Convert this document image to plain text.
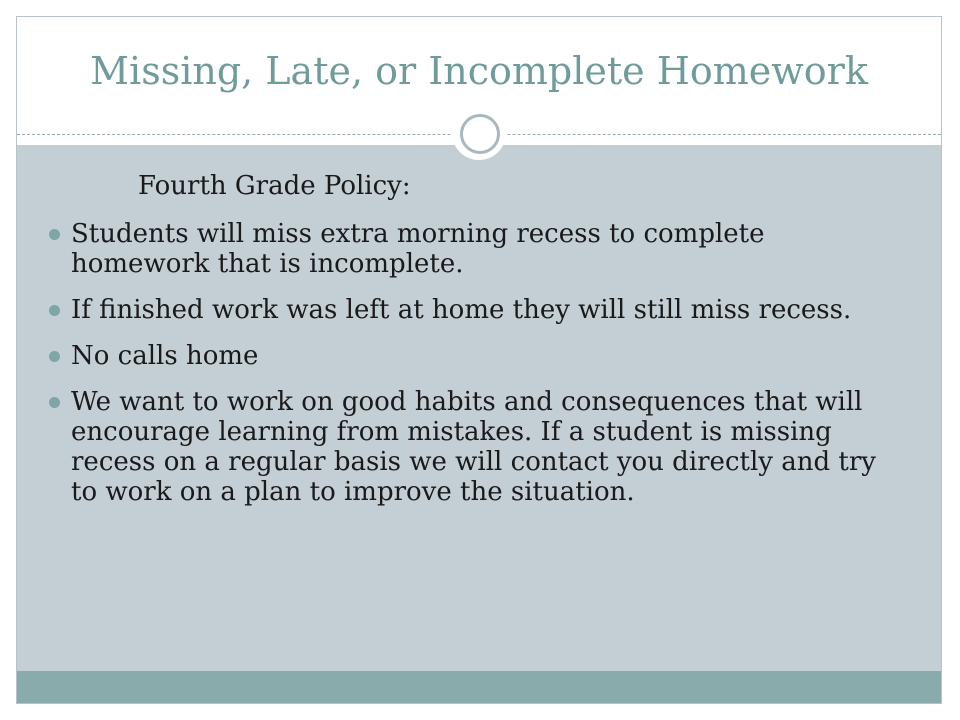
Missing, Late, or Incomplete Homework
Fourth Grade Policy:
Students will miss extra morning recess to complete homework that is incomplete.
If finished work was left at home they will still miss recess.
No calls home
We want to work on good habits and consequences that will encourage learning from mistakes. If a student is missing recess on a regular basis we will contact you directly and try to work on a plan to improve the situation.
